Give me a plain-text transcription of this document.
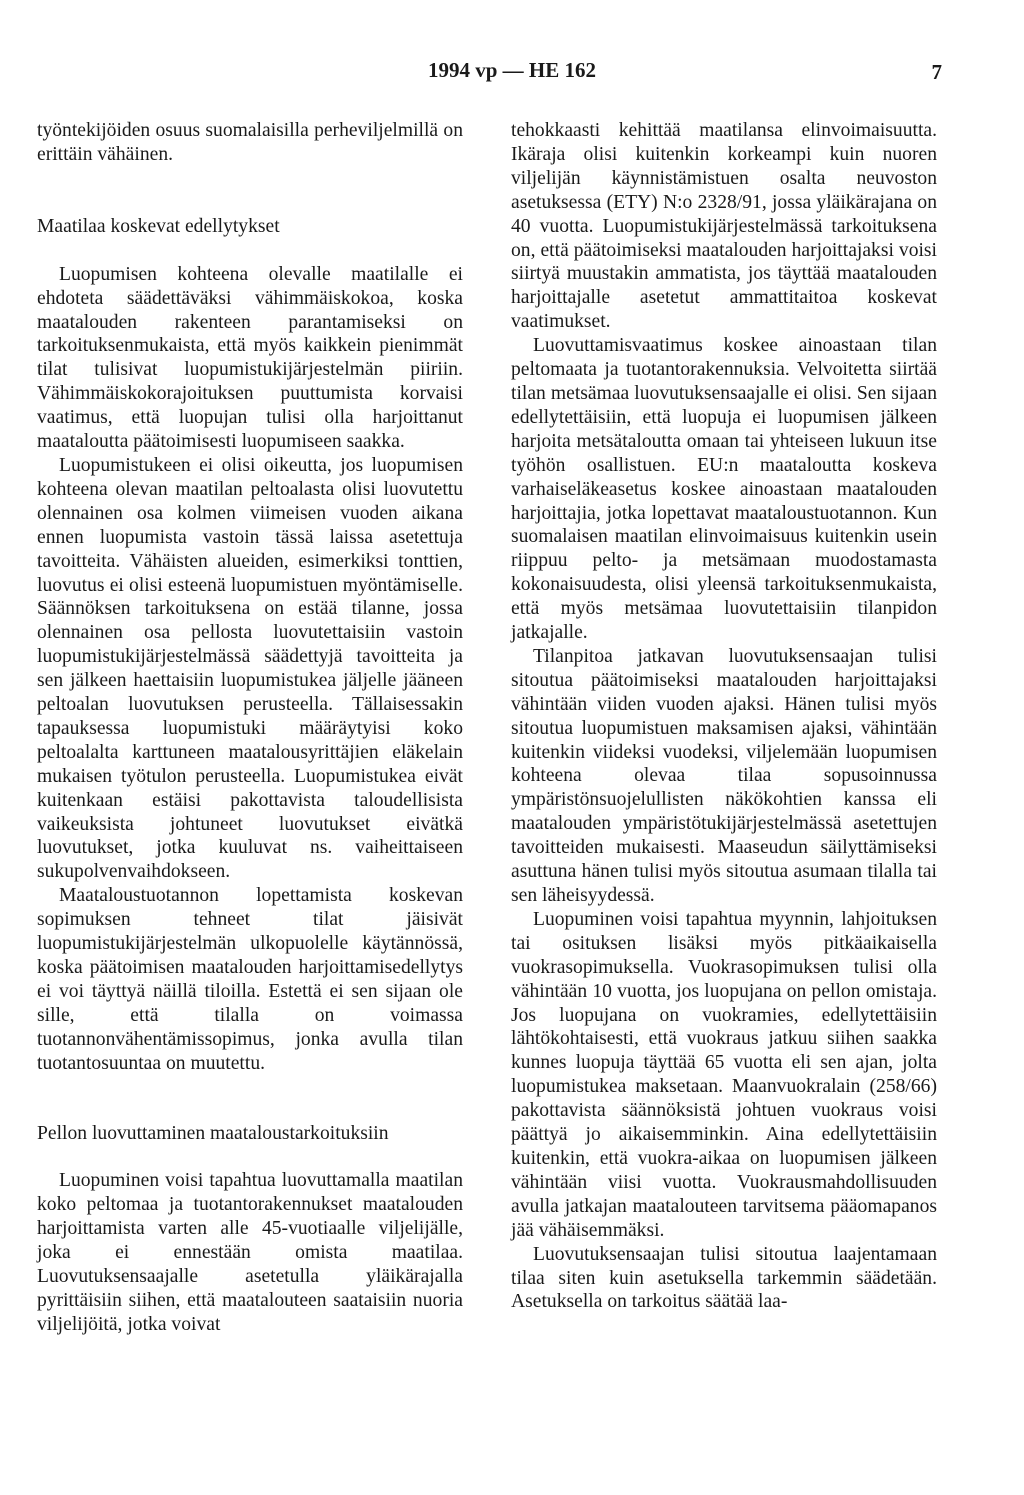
1994 vp — HE 162	7

työntekijöiden osuus suomalaisilla perheviljelmillä on erittäin vähäinen.

Maatilaa koskevat edellytykset

Luopumisen kohteena olevalle maatilalle ei ehdoteta säädettäväksi vähimmäiskokoa, koska maatalouden rakenteen parantamiseksi on tarkoituksenmukaista, että myös kaikkein pienimmät tilat tulisivat luopumistukijärjestelmän piiriin. Vähimmäiskokorajoituksen puuttumista korvaisi vaatimus, että luopujan tulisi olla harjoittanut maataloutta päätoimisesti luopumiseen saakka.

Luopumistukeen ei olisi oikeutta, jos luopumisen kohteena olevan maatilan peltoalasta olisi luovutettu olennainen osa kolmen viimeisen vuoden aikana ennen luopumista vastoin tässä laissa asetettuja tavoitteita. Vähäisten alueiden, esimerkiksi tonttien, luovutus ei olisi esteenä luopumistuen myöntämiselle. Säännöksen tarkoituksena on estää tilanne, jossa olennainen osa pellosta luovutettaisiin vastoin luopumistukijärjestelmässä säädettyjä tavoitteita ja sen jälkeen haettaisiin luopumistukea jäljelle jääneen peltoalan luovutuksen perusteella. Tällaisessakin tapauksessa luopumistuki määräytyisi koko peltoalalta karttuneen maatalousyrittäjien eläkelain mukaisen työtulon perusteella. Luopumistukea eivät kuitenkaan estäisi pakottavista taloudellisista vaikeuksista johtuneet luovutukset eivätkä luovutukset, jotka kuuluvat ns. vaiheittaiseen sukupolvenvaihdokseen.

Maataloustuotannon lopettamista koskevan sopimuksen tehneet tilat jäisivät luopumistukijärjestelmän ulkopuolelle käytännössä, koska päätoimisen maatalouden harjoittamisedellytys ei voi täyttyä näillä tiloilla. Estettä ei sen sijaan ole sille, että tilalla on voimassa tuotannonvähentämissopimus, jonka avulla tilan tuotantosuuntaa on muutettu.

Pellon luovuttaminen maataloustarkoituksiin

Luopuminen voisi tapahtua luovuttamalla maatilan koko peltomaa ja tuotantorakennukset maatalouden harjoittamista varten alle 45-vuotiaalle viljelijälle, joka ei ennestään omista maatilaa. Luovutuksensaajalle asetetulla yläikärajalla pyrittäisiin siihen, että maatalouteen saataisiin nuoria viljelijöitä, jotka voivat

tehokkaasti kehittää maatilansa elinvoimaisuutta. Ikäraja olisi kuitenkin korkeampi kuin nuoren viljelijän käynnistämistuen osalta neuvoston asetuksessa (ETY) N:o 2328/91, jossa yläikärajana on 40 vuotta. Luopumistukijärjestelmässä tarkoituksena on, että päätoimiseksi maatalouden harjoittajaksi voisi siirtyä muustakin ammatista, jos täyttää maatalouden harjoittajalle asetetut ammattitaitoa koskevat vaatimukset.

Luovuttamisvaatimus koskee ainoastaan tilan peltomaata ja tuotantorakennuksia. Velvoitetta siirtää tilan metsämaa luovutuksensaajalle ei olisi. Sen sijaan edellytettäisiin, että luopuja ei luopumisen jälkeen harjoita metsätaloutta omaan tai yhteiseen lukuun itse työhön osallistuen. EU:n maataloutta koskeva varhaiseläkeasetus koskee ainoastaan maatalouden harjoittajia, jotka lopettavat maataloustuotannon. Kun suomalaisen maatilan elinvoimaisuus kuitenkin usein riippuu pelto- ja metsämaan muodostamasta kokonaisuudesta, olisi yleensä tarkoituksenmukaista, että myös metsämaa luovutettaisiin tilanpidon jatkajalle.

Tilanpitoa jatkavan luovutuksensaajan tulisi sitoutua päätoimiseksi maatalouden harjoittajaksi vähintään viiden vuoden ajaksi. Hänen tulisi myös sitoutua luopumistuen maksamisen ajaksi, vähintään kuitenkin viideksi vuodeksi, viljelemään luopumisen kohteena olevaa tilaa sopusoinnussa ympäristönsuojelullisten näkökohtien kanssa eli maatalouden ympäristötukijärjestelmässä asetettujen tavoitteiden mukaisesti. Maaseudun säilyttämiseksi asuttuna hänen tulisi myös sitoutua asumaan tilalla tai sen läheisyydessä.

Luopuminen voisi tapahtua myynnin, lahjoituksen tai osituksen lisäksi myös pitkäaikaisella vuokrasopimuksella. Vuokrasopimuksen tulisi olla vähintään 10 vuotta, jos luopujana on pellon omistaja. Jos luopujana on vuokramies, edellytettäisiin lähtökohtaisesti, että vuokraus jatkuu siihen saakka kunnes luopuja täyttää 65 vuotta eli sen ajan, jolta luopumistukea maksetaan. Maanvuokralain (258/66) pakottavista säännöksistä johtuen vuokraus voisi päättyä jo aikaisemminkin. Aina edellytettäisiin kuitenkin, että vuokra-aikaa on luopumisen jälkeen vähintään viisi vuotta. Vuokrausmahdollisuuden avulla jatkajan maatalouteen tarvitsema pääomapanos jää vähäisemmäksi.

Luovutuksensaajan tulisi sitoutua laajentamaan tilaa siten kuin asetuksella tarkemmin säädetään. Asetuksella on tarkoitus säätää laa-
